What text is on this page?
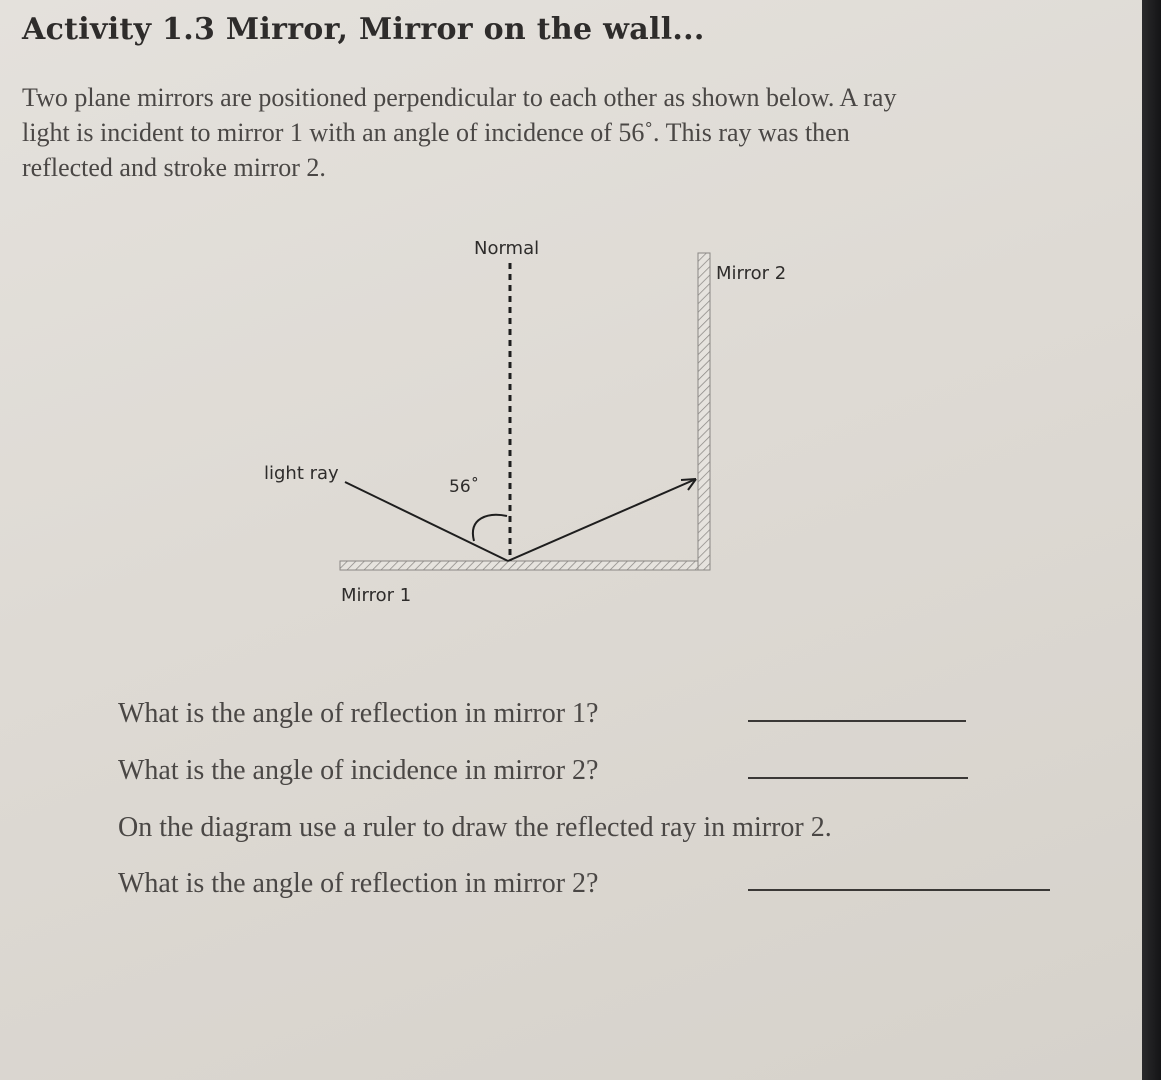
Activity 1.3 Mirror, Mirror on the wall...
Two plane mirrors are positioned perpendicular to each other as shown below. A ray
light is incident to mirror 1 with an angle of incidence of 56˚. This ray was then
reflected and stroke mirror 2.
Normal
Mirror 2
light ray
56˚
Mirror 1

What is the angle of reflection in mirror 1?

What is the angle of incidence in mirror 2?

On the diagram use a ruler to draw the reflected ray in mirror 2.

What is the angle of reflection in mirror 2?
